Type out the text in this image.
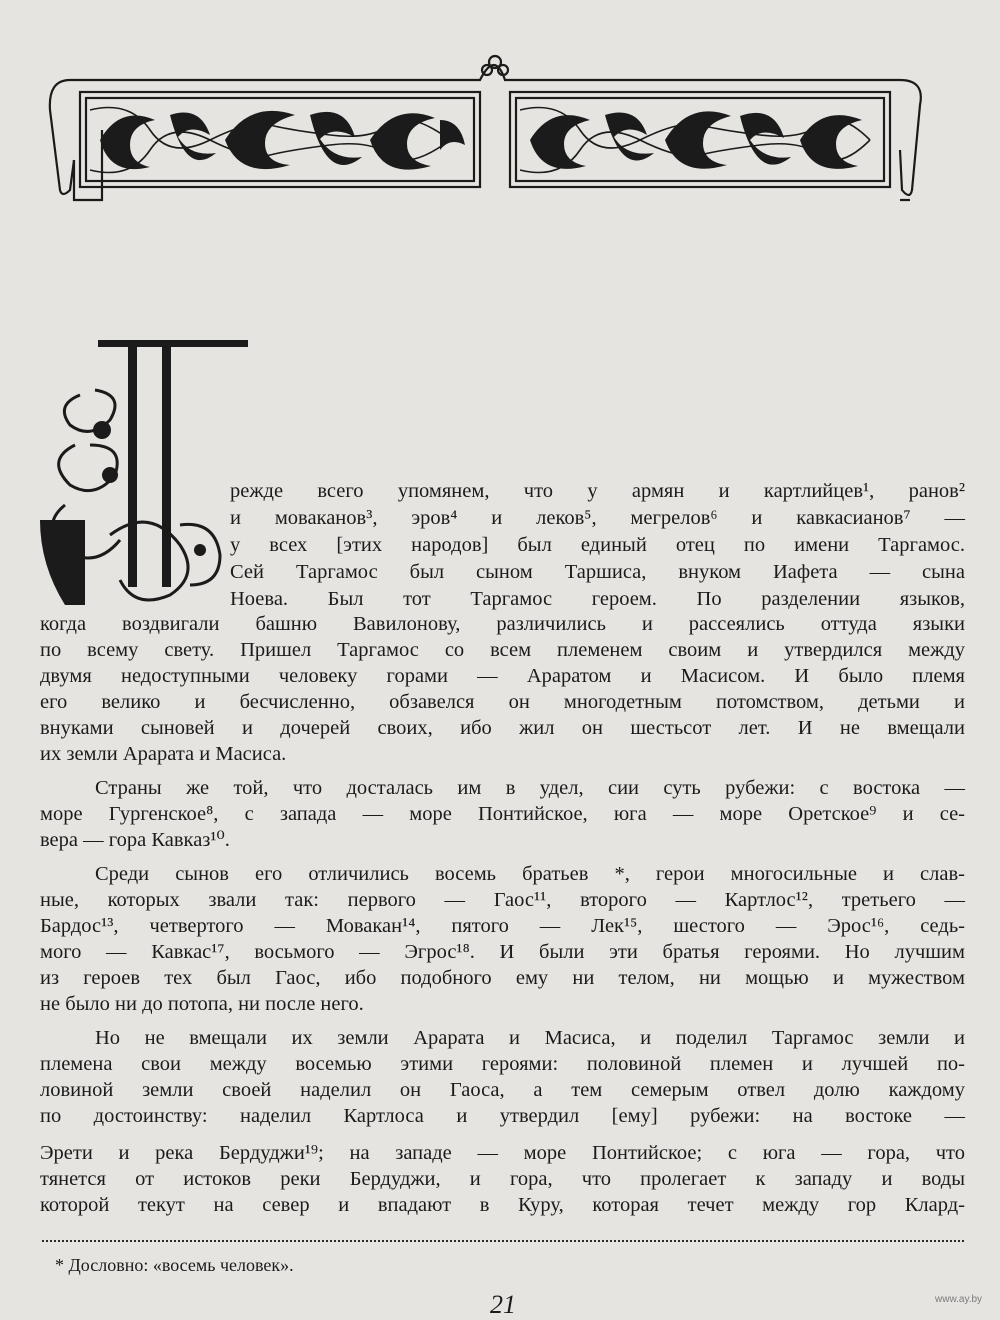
режде всего упомянем, что у армян и картлийцев¹, ранов²
и моваканов³, эров⁴ и леков⁵, мегрелов⁶ и кавкасианов⁷ —
у всех [этих народов] был единый отец по имени Таргамос.
Сей Таргамос был сыном Таршиса, внуком Иафета — сына
Ноева. Был тот Таргамос героем. По разделении языков,
когда воздвигали башню Вавилонову, различились и рассеялись оттуда языки
по всему свету. Пришел Таргамос со всем племенем своим и утвердился между
двумя недоступными человеку горами — Араратом и Масисом. И было племя
его велико и бесчисленно, обзавелся он многодетным потомством, детьми и
внуками сыновей и дочерей своих, ибо жил он шестьсот лет. И не вмещали
их земли Арарата и Масиса.
Страны же той, что досталась им в удел, сии суть рубежи: с востока —
море Гургенское⁸, с запада — море Понтийское, юга — море Оретское⁹ и се-
вера — гора Кавказ¹⁰.
Среди сынов его отличились восемь братьев *, герои многосильные и слав-
ные, которых звали так: первого — Гаос¹¹, второго — Картлос¹², третьего —
Бардос¹³, четвертого — Мовакан¹⁴, пятого — Лек¹⁵, шестого — Эрос¹⁶, седь-
мого — Кавкас¹⁷, восьмого — Эгрос¹⁸. И были эти братья героями. Но лучшим
из героев тех был Гаос, ибо подобного ему ни телом, ни мощью и мужеством
не было ни до потопа, ни после него.
Но не вмещали их земли Арарата и Масиса, и поделил Таргамос земли и
племена свои между восемью этими героями: половиной племен и лучшей по-
ловиной земли своей наделил он Гаоса, а тем семерым отвел долю каждому
по достоинству: наделил Картлоса и утвердил [ему] рубежи: на востоке —
Эрети и река Бердуджи¹⁹; на западе — море Понтийское; с юга — гора, что
тянется от истоков реки Бердуджи, и гора, что пролегает к западу и воды
которой текут на север и впадают в Куру, которая течет между гор Клард-
* Дословно: «восемь человек».
21	www.ay.by
